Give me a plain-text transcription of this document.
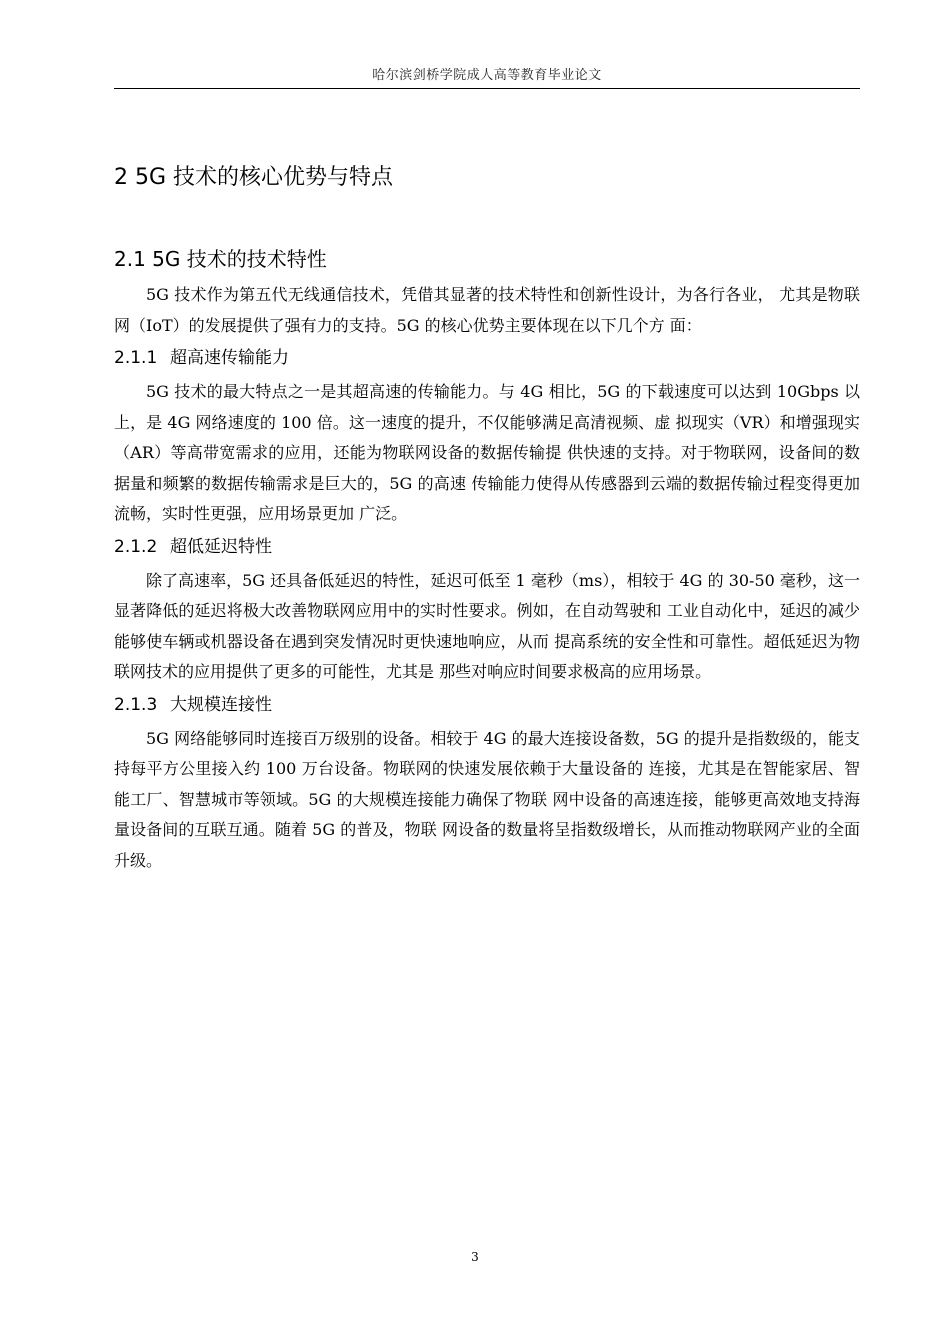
哈尔滨剑桥学院成人高等教育毕业论文
2 5G 技术的核心优势与特点
2.1 5G 技术的技术特性

5G 技术作为第五代无线通信技术，凭借其显著的技术特性和创新性设计，为各行各业， 尤其是物联网（IoT）的发展提供了强有力的支持。5G 的核心优势主要体现在以下几个方 面：

2.1.1 超高速传输能力

5G 技术的最大特点之一是其超高速的传输能力。与 4G 相比，5G 的下载速度可以达到 10Gbps 以上，是 4G 网络速度的 100 倍。这一速度的提升，不仅能够满足高清视频、虚 拟现实（VR）和增强现实（AR）等高带宽需求的应用，还能为物联网设备的数据传输提 供快速的支持。对于物联网，设备间的数据量和频繁的数据传输需求是巨大的，5G 的高速 传输能力使得从传感器到云端的数据传输过程变得更加流畅，实时性更强，应用场景更加 广泛。

2.1.2 超低延迟特性

除了高速率，5G 还具备低延迟的特性，延迟可低至 1 毫秒（ms），相较于 4G 的 30-50 毫秒，这一显著降低的延迟将极大改善物联网应用中的实时性要求。例如，在自动驾驶和 工业自动化中，延迟的减少能够使车辆或机器设备在遇到突发情况时更快速地响应，从而 提高系统的安全性和可靠性。超低延迟为物联网技术的应用提供了更多的可能性，尤其是 那些对响应时间要求极高的应用场景。

2.1.3 大规模连接性

5G 网络能够同时连接百万级别的设备。相较于 4G 的最大连接设备数，5G 的提升是指数级的，能支持每平方公里接入约 100 万台设备。物联网的快速发展依赖于大量设备的 连接，尤其是在智能家居、智能工厂、智慧城市等领域。5G 的大规模连接能力确保了物联 网中设备的高速连接，能够更高效地支持海量设备间的互联互通。随着 5G 的普及，物联 网设备的数量将呈指数级增长，从而推动物联网产业的全面升级。

3
